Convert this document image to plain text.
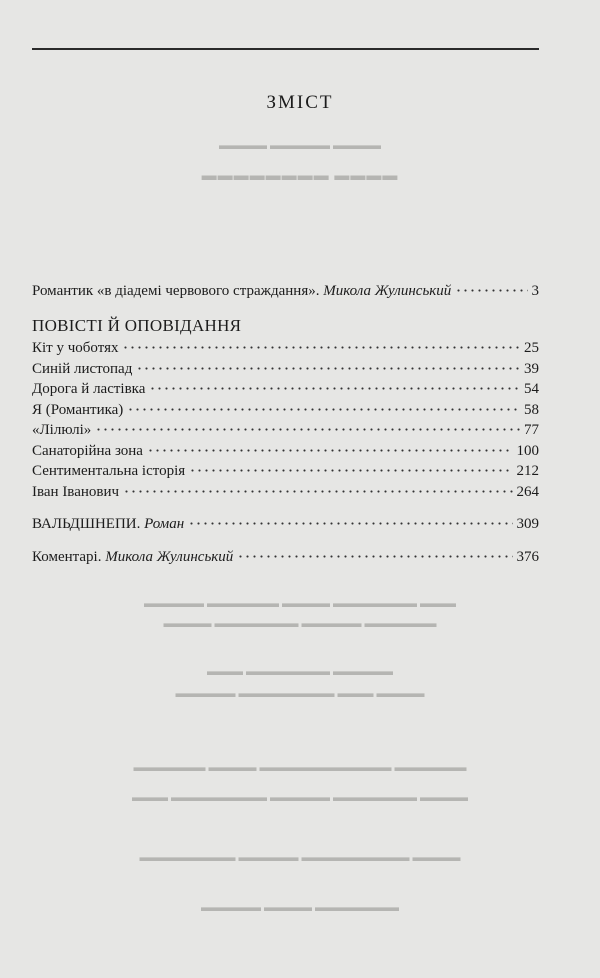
▬▬▬▬ ▬▬▬▬▬ ▬▬▬▬
▬▬▬▬▬▬▬▬ ▬▬▬▬
▬▬▬▬▬ ▬▬▬▬▬▬ ▬▬▬▬ ▬▬▬▬▬▬▬ ▬▬▬
▬▬▬▬ ▬▬▬▬▬▬▬ ▬▬▬▬▬ ▬▬▬▬▬▬
▬▬▬ ▬▬▬▬▬▬▬ ▬▬▬▬▬
▬▬▬▬▬ ▬▬▬▬▬▬▬▬ ▬▬▬ ▬▬▬▬
▬▬▬▬▬▬ ▬▬▬▬ ▬▬▬▬▬▬▬▬▬▬▬ ▬▬▬▬▬▬
▬▬▬ ▬▬▬▬▬▬▬▬ ▬▬▬▬▬ ▬▬▬▬▬▬▬ ▬▬▬▬
▬▬▬▬▬▬▬▬ ▬▬▬▬▬ ▬▬▬▬▬▬▬▬▬ ▬▬▬▬
▬▬▬▬▬ ▬▬▬▬ ▬▬▬▬▬▬▬
ЗМІСТ
Романтик «в діадемі червового страждання». Микола Жулинський	3
ПОВІСТІ Й ОПОВІДАННЯ
Кіт у чоботях	25
Синій листопад	39
Дорога й ластівка	54
Я (Романтика)	58
«Лілюлі»	77
Санаторійна зона	100
Сентиментальна історія	212
Іван Іванович	264
ВАЛЬДШНЕПИ. Роман	309
Коментарі. Микола Жулинський	376
